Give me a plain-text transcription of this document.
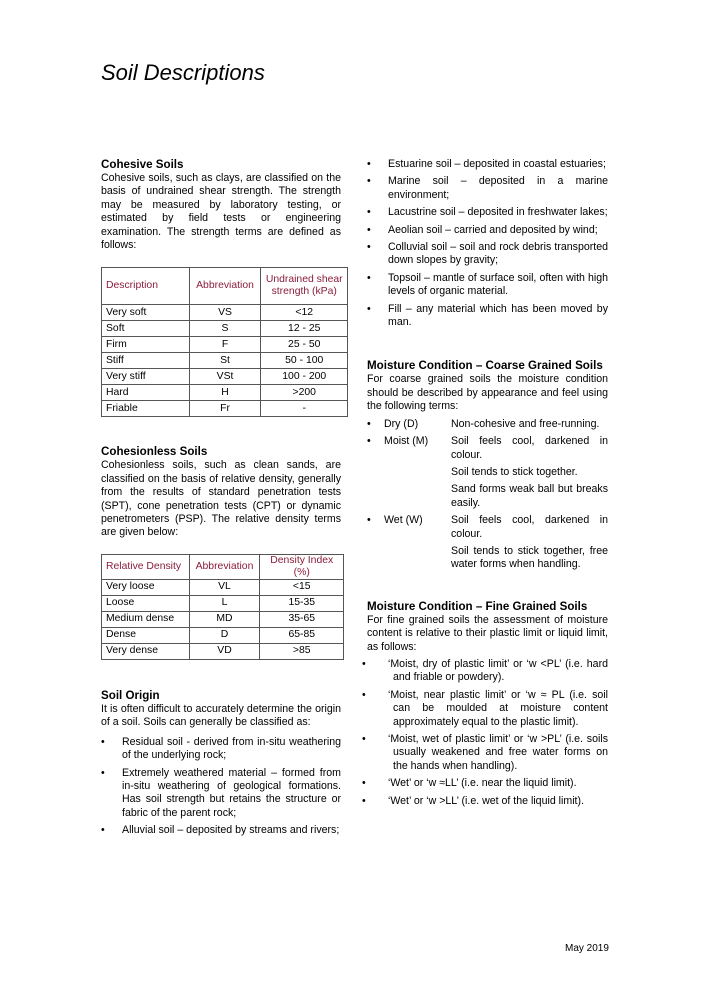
Soil Descriptions
Cohesive Soils

Cohesive soils, such as clays, are classified on the basis of undrained shear strength. The strength may be measured by laboratory testing, or estimated by field tests or engineering examination. The strength terms are defined as follows:

Description	Abbreviation	Undrained shear strength (kPa)
Very soft	VS	<12
Soft	S	12 - 25
Firm	F	25 - 50
Stiff	St	50 - 100
Very stiff	VSt	100 - 200
Hard	H	>200
Friable	Fr	-
Cohesionless Soils

Cohesionless soils, such as clean sands, are classified on the basis of relative density, generally from the results of standard penetration tests (SPT), cone penetration tests (CPT) or dynamic penetrometers (PSP). The relative density terms are given below:

Relative Density	Abbreviation	Density Index (%)
Very loose	VL	<15
Loose	L	15-35
Medium dense	MD	35-65
Dense	D	65-85
Very dense	VD	>85
Soil Origin

It is often difficult to accurately determine the origin of a soil. Soils can generally be classified as:

• Residual soil - derived from in-situ weathering of the underlying rock;
• Extremely weathered material – formed from in-situ weathering of geological formations. Has soil strength but retains the structure or fabric of the parent rock;
• Alluvial soil – deposited by streams and rivers;
• Estuarine soil – deposited in coastal estuaries;
• Marine soil – deposited in a marine environment;
• Lacustrine soil – deposited in freshwater lakes;
• Aeolian soil – carried and deposited by wind;
• Colluvial soil – soil and rock debris transported down slopes by gravity;
• Topsoil – mantle of surface soil, often with high levels of organic material.
• Fill – any material which has been moved by man.
Moisture Condition – Coarse Grained Soils

For coarse grained soils the moisture condition should be described by appearance and feel using the following terms:

• Dry (D)	Non-cohesive and free-running.

• Moist (M)	Soil feels cool, darkened in colour.

Soil tends to stick together.

Sand forms weak ball but breaks easily.

• Wet (W)	Soil feels cool, darkened in colour.

Soil tends to stick together, free water forms when handling.

Moisture Condition – Fine Grained Soils

For fine grained soils the assessment of moisture content is relative to their plastic limit or liquid limit, as follows:

• ‘Moist, dry of plastic limit’ or ‘w <PL’ (i.e. hard and friable or powdery).
• ‘Moist, near plastic limit’ or ‘w ≈ PL (i.e. soil can be moulded at moisture content approximately equal to the plastic limit).
• ‘Moist, wet of plastic limit’ or ‘w >PL’ (i.e. soils usually weakened and free water forms on the hands when handling).
• ‘Wet’ or ‘w ≈LL’ (i.e. near the liquid limit).
• ‘Wet’ or ‘w >LL’ (i.e. wet of the liquid limit).
May 2019
